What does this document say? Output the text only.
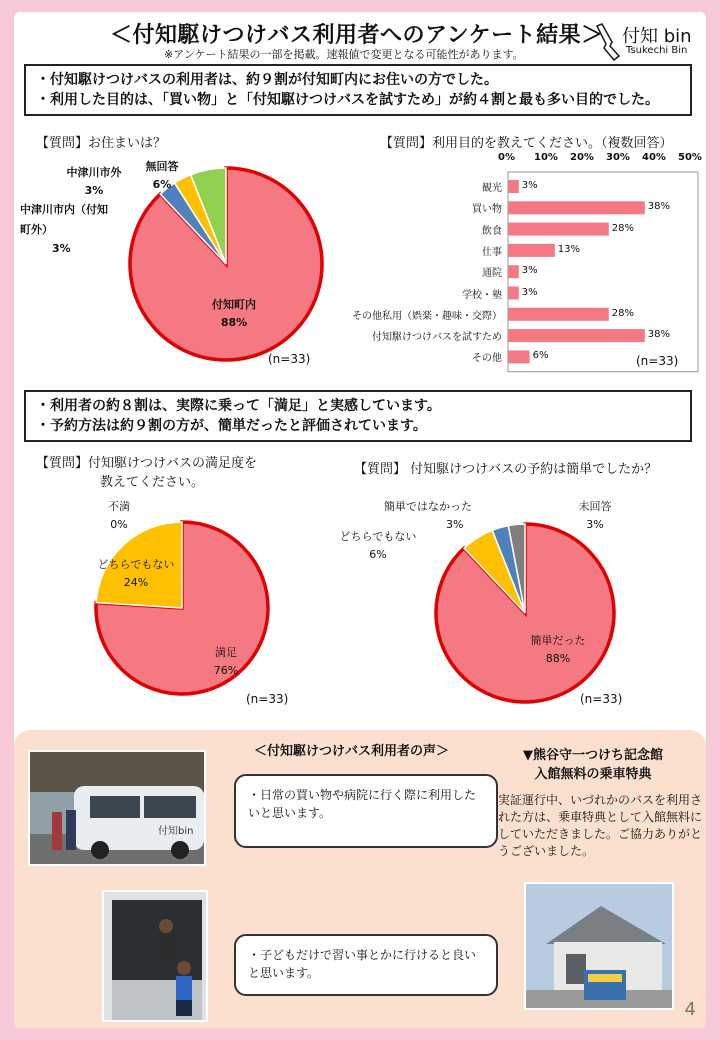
＜付知駆けつけバス利用者へのアンケート結果＞
※アンケート結果の一部を掲載。速報値で変更となる可能性があります。
付知 bin
Tsukechi Bin
・付知駆けつけバスの利用者は、約９割が付知町内にお住いの方でした。
・利用した目的は、「買い物」と「付知駆けつけバスを試すため」が約４割と最も多い目的でした。
【質問】お住まいは？
付知町内
88%
中津川市内（付知町外）
3%
中津川市外
3%
無回答
6%
(n=33)
【質問】利用目的を教えてください。（複数回答）
0% 10% 20% 30% 40% 50%
観光
買い物
飲食
仕事
通院
学校・塾
その他私用（娯楽・趣味・交際）
付知駆けつけバスを試すため
その他
3%
38%
28%
13%
3%
3%
28%
38%
6%	(n=33)
・利用者の約８割は、実際に乗って「満足」と実感しています。
・予約方法は約９割の方が、簡単だったと評価されています。
【質問】付知駆けつけバスの満足度を
教えてください。
満足
76%
不満
0%
どちらでもない
24%
(n=33)
【質問】 付知駆けつけバスの予約は簡単でしたか？
簡単だった
88%
どちらでもない
6%
簡単ではなかった
3%
未回答
3%
(n=33)
＜付知駆けつけバス利用者の声＞
付知bin
・日常の買い物や病院に行く際に利用したいと思います。
・子どもだけで習い事とかに行けると良いと思います。
▼熊谷守一つけち記念館
入館無料の乗車特典
実証運行中、いづれかのバスを利用された方は、乗車特典として入館無料にしていただきました。ご協力ありがとうございました。
4
